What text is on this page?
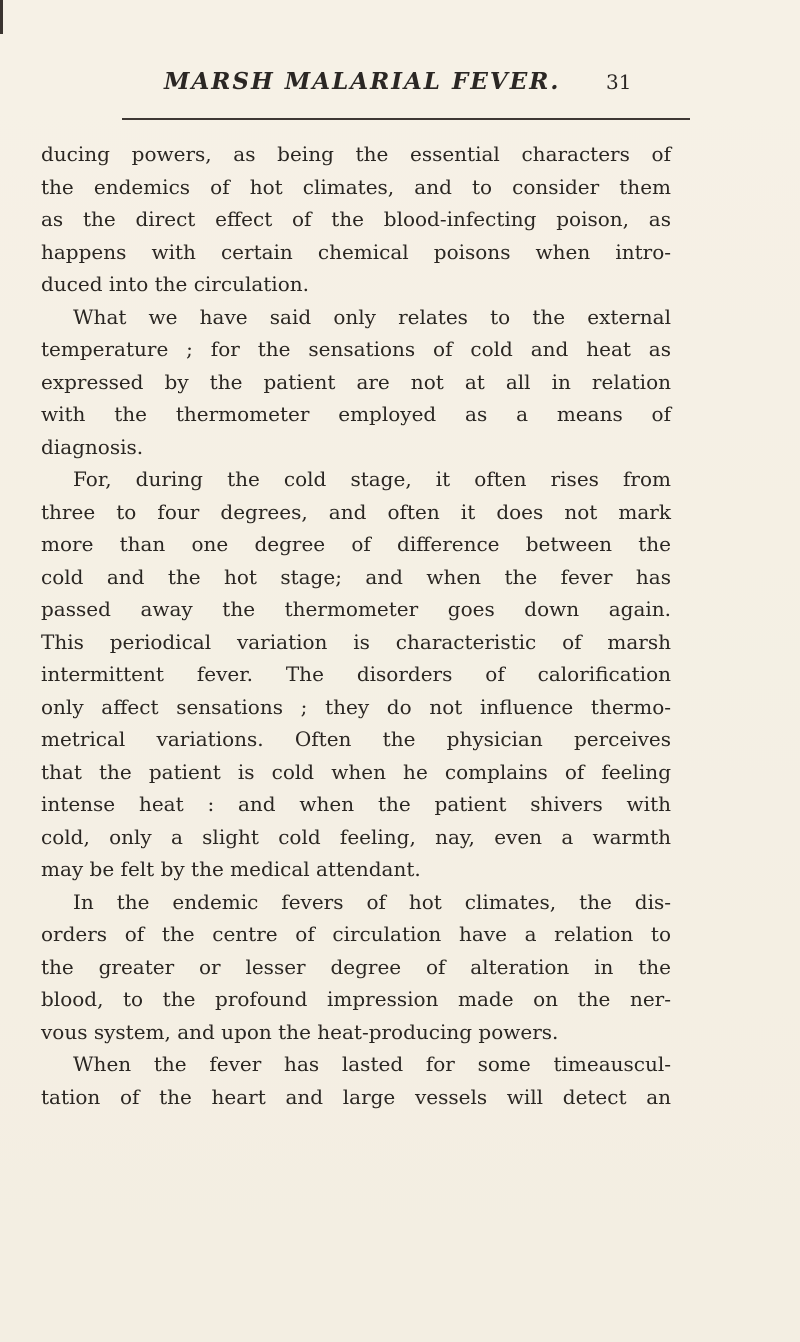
MARSH MALARIAL FEVER. 31
ducing powers, as being the essential characters of
the endemics of hot climates, and to consider them
as the direct effect of the blood-infecting poison, as
happens with certain chemical poisons when intro-
duced into the circulation.
What we have said only relates to the external
temperature ; for the sensations of cold and heat as
expressed by the patient are not at all in relation
with the thermometer employed as a means of
diagnosis.
For, during the cold stage, it often rises from
three to four degrees, and often it does not mark
more than one degree of difference between the
cold and the hot stage; and when the fever has
passed away the thermometer goes down again.
This periodical variation is characteristic of marsh
intermittent fever. The disorders of calorification
only affect sensations ; they do not influence thermo-
metrical variations. Often the physician perceives
that the patient is cold when he complains of feeling
intense heat : and when the patient shivers with
cold, only a slight cold feeling, nay, even a warmth
may be felt by the medical attendant.
In the endemic fevers of hot climates, the dis-
orders of the centre of circulation have a relation to
the greater or lesser degree of alteration in the
blood, to the profound impression made on the ner-
vous system, and upon the heat-producing powers.
When the fever has lasted for some timeauscul-
tation of the heart and large vessels will detect an
